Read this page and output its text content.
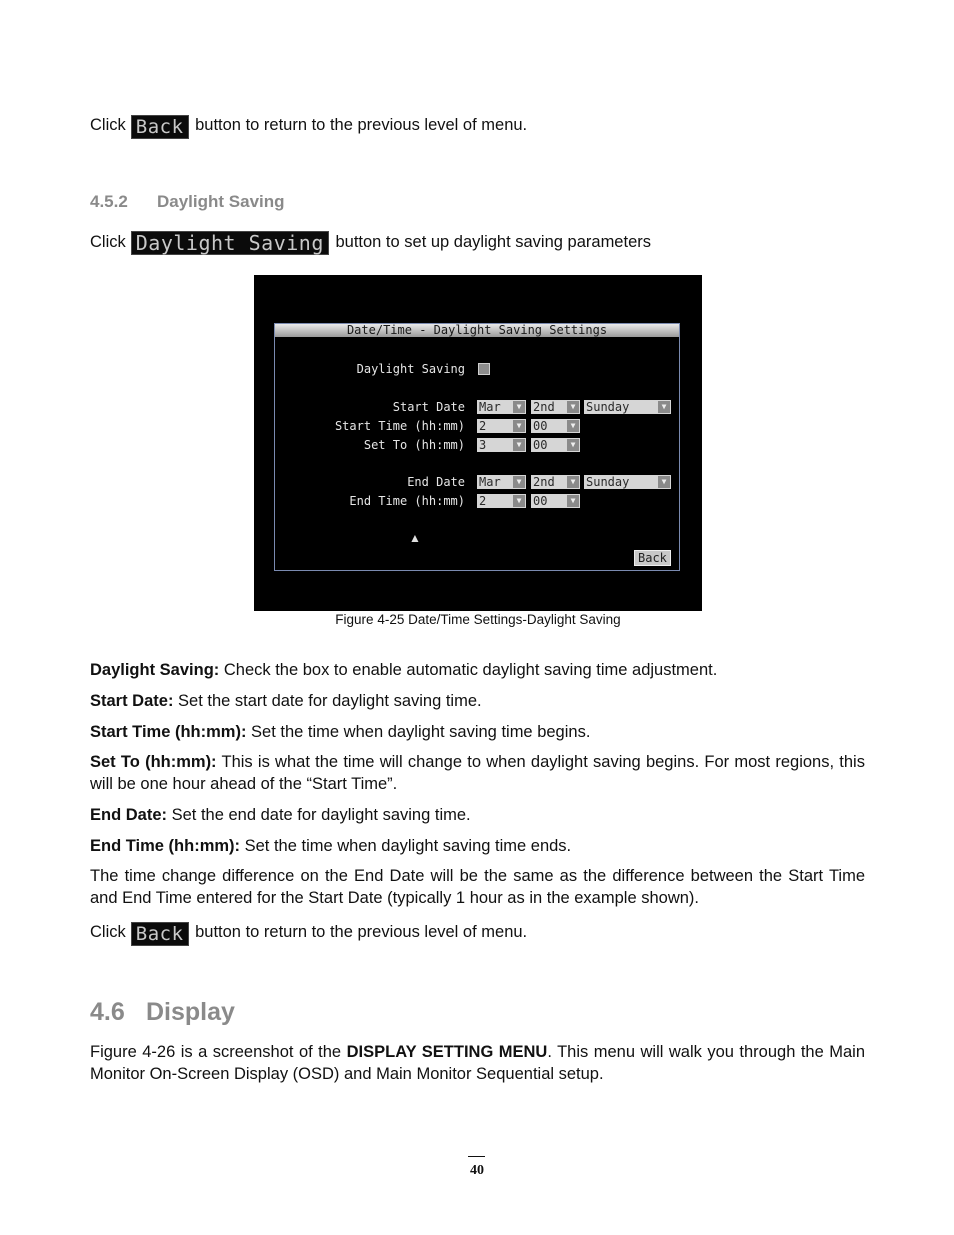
Click Back button to return to the previous level of menu.
4.5.2 Daylight Saving
Click Daylight Saving button to set up daylight saving parameters
Date/Time - Daylight Saving Settings
Daylight Saving
Start Date Mar	▼ 2nd	▼ Sunday	▼
Start Time (hh:mm) 2	▼ 00	▼
Set To (hh:mm) 3	▼ 00	▼
End Date Mar	▼ 2nd	▼ Sunday	▼
End Time (hh:mm) 2	▼ 00	▼
Back
▲
Figure 4-25 Date/Time Settings-Daylight Saving
Daylight Saving: Check the box to enable automatic daylight saving time adjustment.
Start Date: Set the start date for daylight saving time.
Start Time (hh:mm): Set the time when daylight saving time begins.
Set To (hh:mm): This is what the time will change to when daylight saving begins. For most regions, this will be one hour ahead of the “Start Time”.
End Date: Set the end date for daylight saving time.
End Time (hh:mm): Set the time when daylight saving time ends.
The time change difference on the End Date will be the same as the difference between the Start Time and End Time entered for the Start Date (typically 1 hour as in the example shown).
Click Back button to return to the previous level of menu.
4.6 Display
Figure 4-26 is a screenshot of the DISPLAY SETTING MENU. This menu will walk you through the Main Monitor On-Screen Display (OSD) and Main Monitor Sequential setup.
40
